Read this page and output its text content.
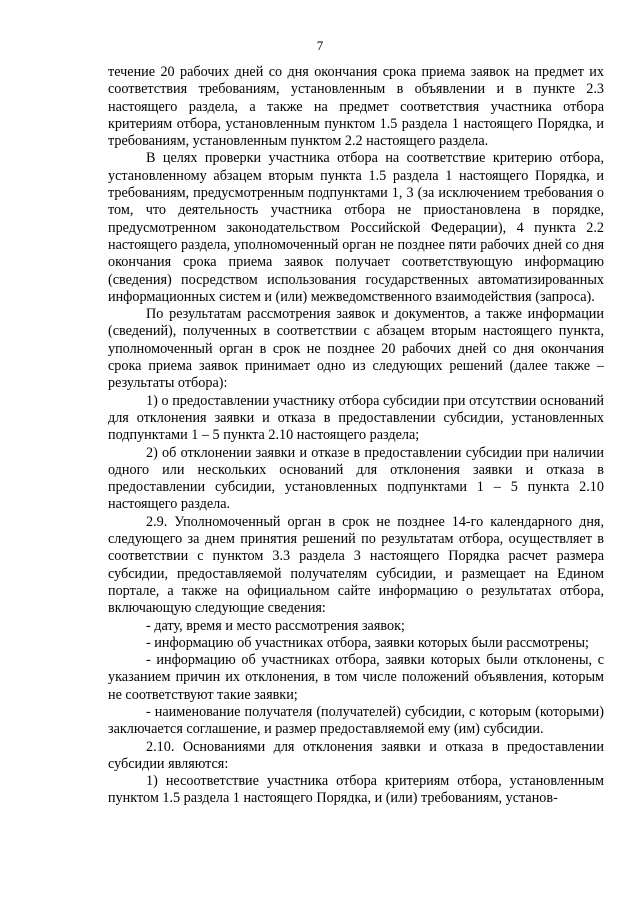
7

течение 20 рабочих дней со дня окончания срока приема заявок на предмет их соответствия требованиям, установленным в объявлении и в пункте 2.3 настоящего раздела, а также на предмет соответствия участника отбора критериям отбора, установленным пунктом 1.5 раздела 1 настоящего Порядка, и требованиям, установленным пунктом 2.2 настоящего раздела.

В целях проверки участника отбора на соответствие критерию отбора, установленному абзацем вторым пункта 1.5 раздела 1 настоящего Порядка, и требованиям, предусмотренным подпунктами 1, 3 (за исключением требования о том, что деятельность участника отбора не приостановлена в порядке, предусмотренном законодательством Российской Федерации), 4 пункта 2.2 настоящего раздела, уполномоченный орган не позднее пяти рабочих дней со дня окончания срока приема заявок получает соответствующую информацию (сведения) посредством использования государственных автоматизированных информационных систем и (или) межведомственного взаимодействия (запроса).

По результатам рассмотрения заявок и документов, а также информации (сведений), полученных в соответствии с абзацем вторым настоящего пункта, уполномоченный орган в срок не позднее 20 рабочих дней со дня окончания срока приема заявок принимает одно из следующих решений (далее также – результаты отбора):

1) о предоставлении участнику отбора субсидии при отсутствии оснований для отклонения заявки и отказа в предоставлении субсидии, установленных подпунктами 1 – 5 пункта 2.10 настоящего раздела;

2) об отклонении заявки и отказе в предоставлении субсидии при наличии одного или нескольких оснований для отклонения заявки и отказа в предоставлении субсидии, установленных подпунктами 1 – 5 пункта 2.10 настоящего раздела.

2.9. Уполномоченный орган в срок не позднее 14-го календарного дня, следующего за днем принятия решений по результатам отбора, осуществляет в соответствии с пунктом 3.3 раздела 3 настоящего Порядка расчет размера субсидии, предоставляемой получателям субсидии, и размещает на Едином портале, а также на официальном сайте информацию о результатах отбора, включающую следующие сведения:

- дату, время и место рассмотрения заявок;

- информацию об участниках отбора, заявки которых были рассмотрены;

- информацию об участниках отбора, заявки которых были отклонены, с указанием причин их отклонения, в том числе положений объявления, которым не соответствуют такие заявки;

- наименование получателя (получателей) субсидии, с которым (которыми) заключается соглашение, и размер предоставляемой ему (им) субсидии.

2.10. Основаниями для отклонения заявки и отказа в предоставлении субсидии являются:

1) несоответствие участника отбора критериям отбора, установленным пунктом 1.5 раздела 1 настоящего Порядка, и (или) требованиям, установ-
